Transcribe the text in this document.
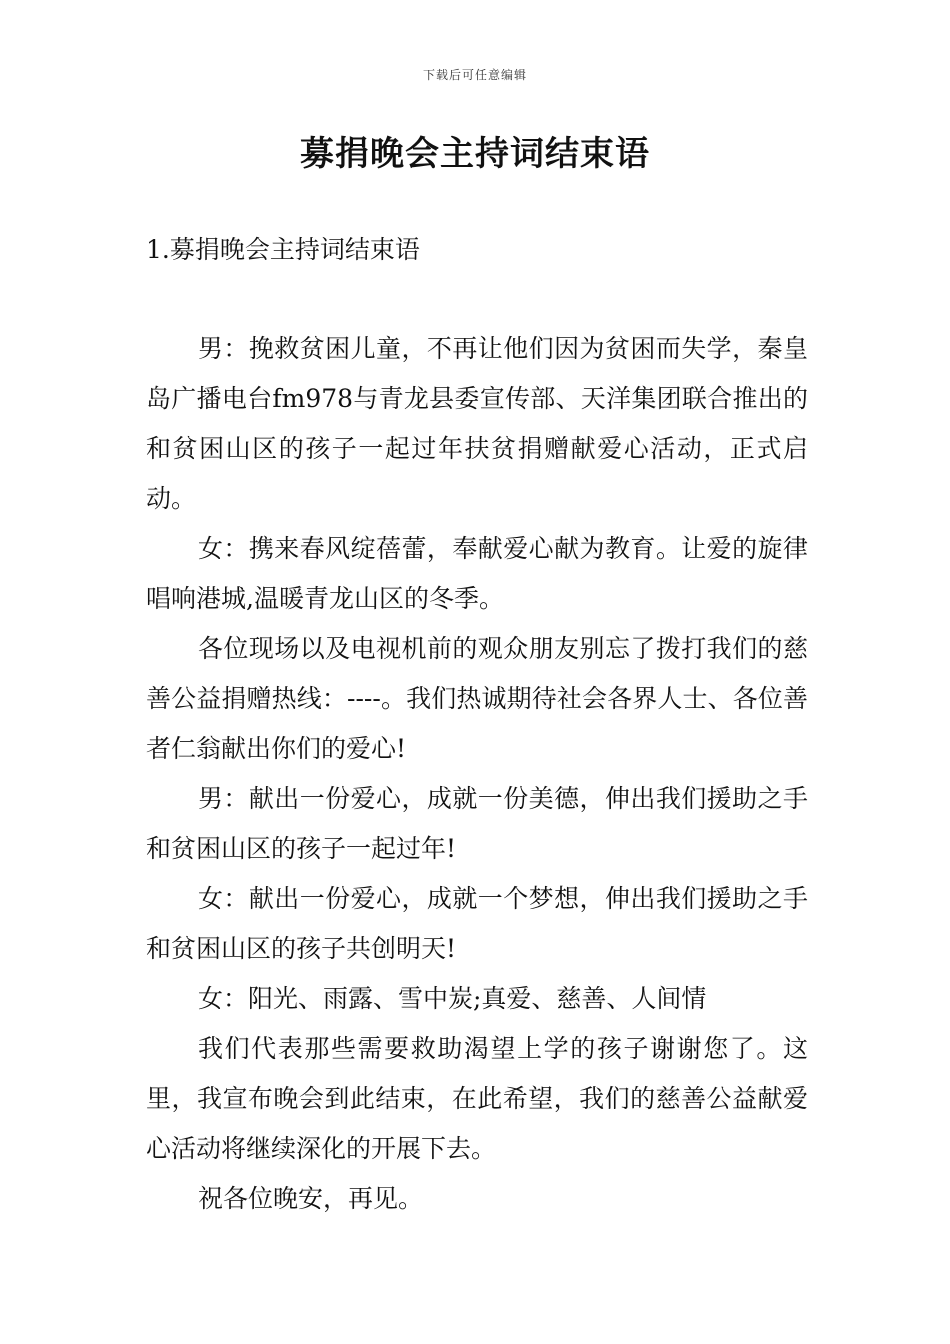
下载后可任意编辑
募捐晚会主持词结束语
1.募捐晚会主持词结束语

男：挽救贫困儿童，不再让他们因为贫困而失学，秦皇岛广播电台fm978与青龙县委宣传部、天洋集团联合推出的和贫困山区的孩子一起过年扶贫捐赠献爱心活动，正式启动。

女：携来春风绽蓓蕾，奉献爱心献为教育。让爱的旋律唱响港城,温暖青龙山区的冬季。

各位现场以及电视机前的观众朋友别忘了拨打我们的慈善公益捐赠热线：----。我们热诚期待社会各界人士、各位善者仁翁献出你们的爱心!

男：献出一份爱心，成就一份美德，伸出我们援助之手和贫困山区的孩子一起过年!

女：献出一份爱心，成就一个梦想，伸出我们援助之手和贫困山区的孩子共创明天!

女：阳光、雨露、雪中炭;真爱、慈善、人间情

我们代表那些需要救助渴望上学的孩子谢谢您了。这里，我宣布晚会到此结束，在此希望，我们的慈善公益献爱心活动将继续深化的开展下去。

祝各位晚安，再见。
